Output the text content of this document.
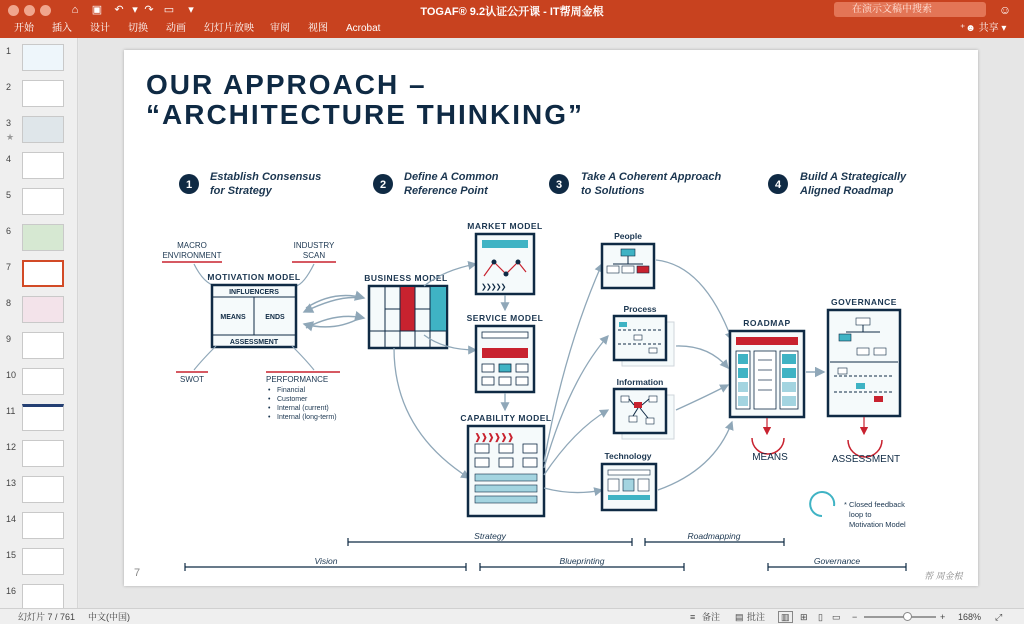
⌂	▣ ↶ ▾ ↷ ▭	▾	TOGAF® 9.2认证公开课 - IT帮周金根	在演示文稿中搜索	☺
开始 插入 设计 切换 动画 幻灯片放映 审阅 视图 Acrobat	⁺☻ 共享 ▾
1
2
3
★
4
5
6
7
8
9
10
11
12
13
14
15
16
OUR APPROACH –
“ARCHITECTURE THINKING”
1
Establish Consensus
for Strategy	2
Define A Common
Reference Point	3
Take A Coherent Approach
to Solutions	4
Build A Strategically
Aligned Roadmap
MACRO
ENVIRONMENT
INDUSTRY
SCAN
MOTIVATION MODEL
INFLUENCERS
MEANS	ENDS
ASSESSMENT
SWOT	PERFORMANCE
• Financial
• Customer
• Internal (current)
• Internal (long-term)
BUSINESS MODEL
MARKET MODEL
❯❯❯❯❯
SERVICE MODEL
CAPABILITY MODEL
❱❱❱❱❱❱
People
Process
Information
Technology
ROADMAP
GOVERNANCE
MEANS	ASSESSMENT
* Closed feedback
loop to
Motivation Model
Strategy	Roadmapping
Vision	Blueprinting	Governance
7	帮 周金根
幻灯片 7 / 761 中文(中国)	≡ 备注 ▤ 批注	▥	⊞ ▯ ▭ −	+ 168% ⤢
